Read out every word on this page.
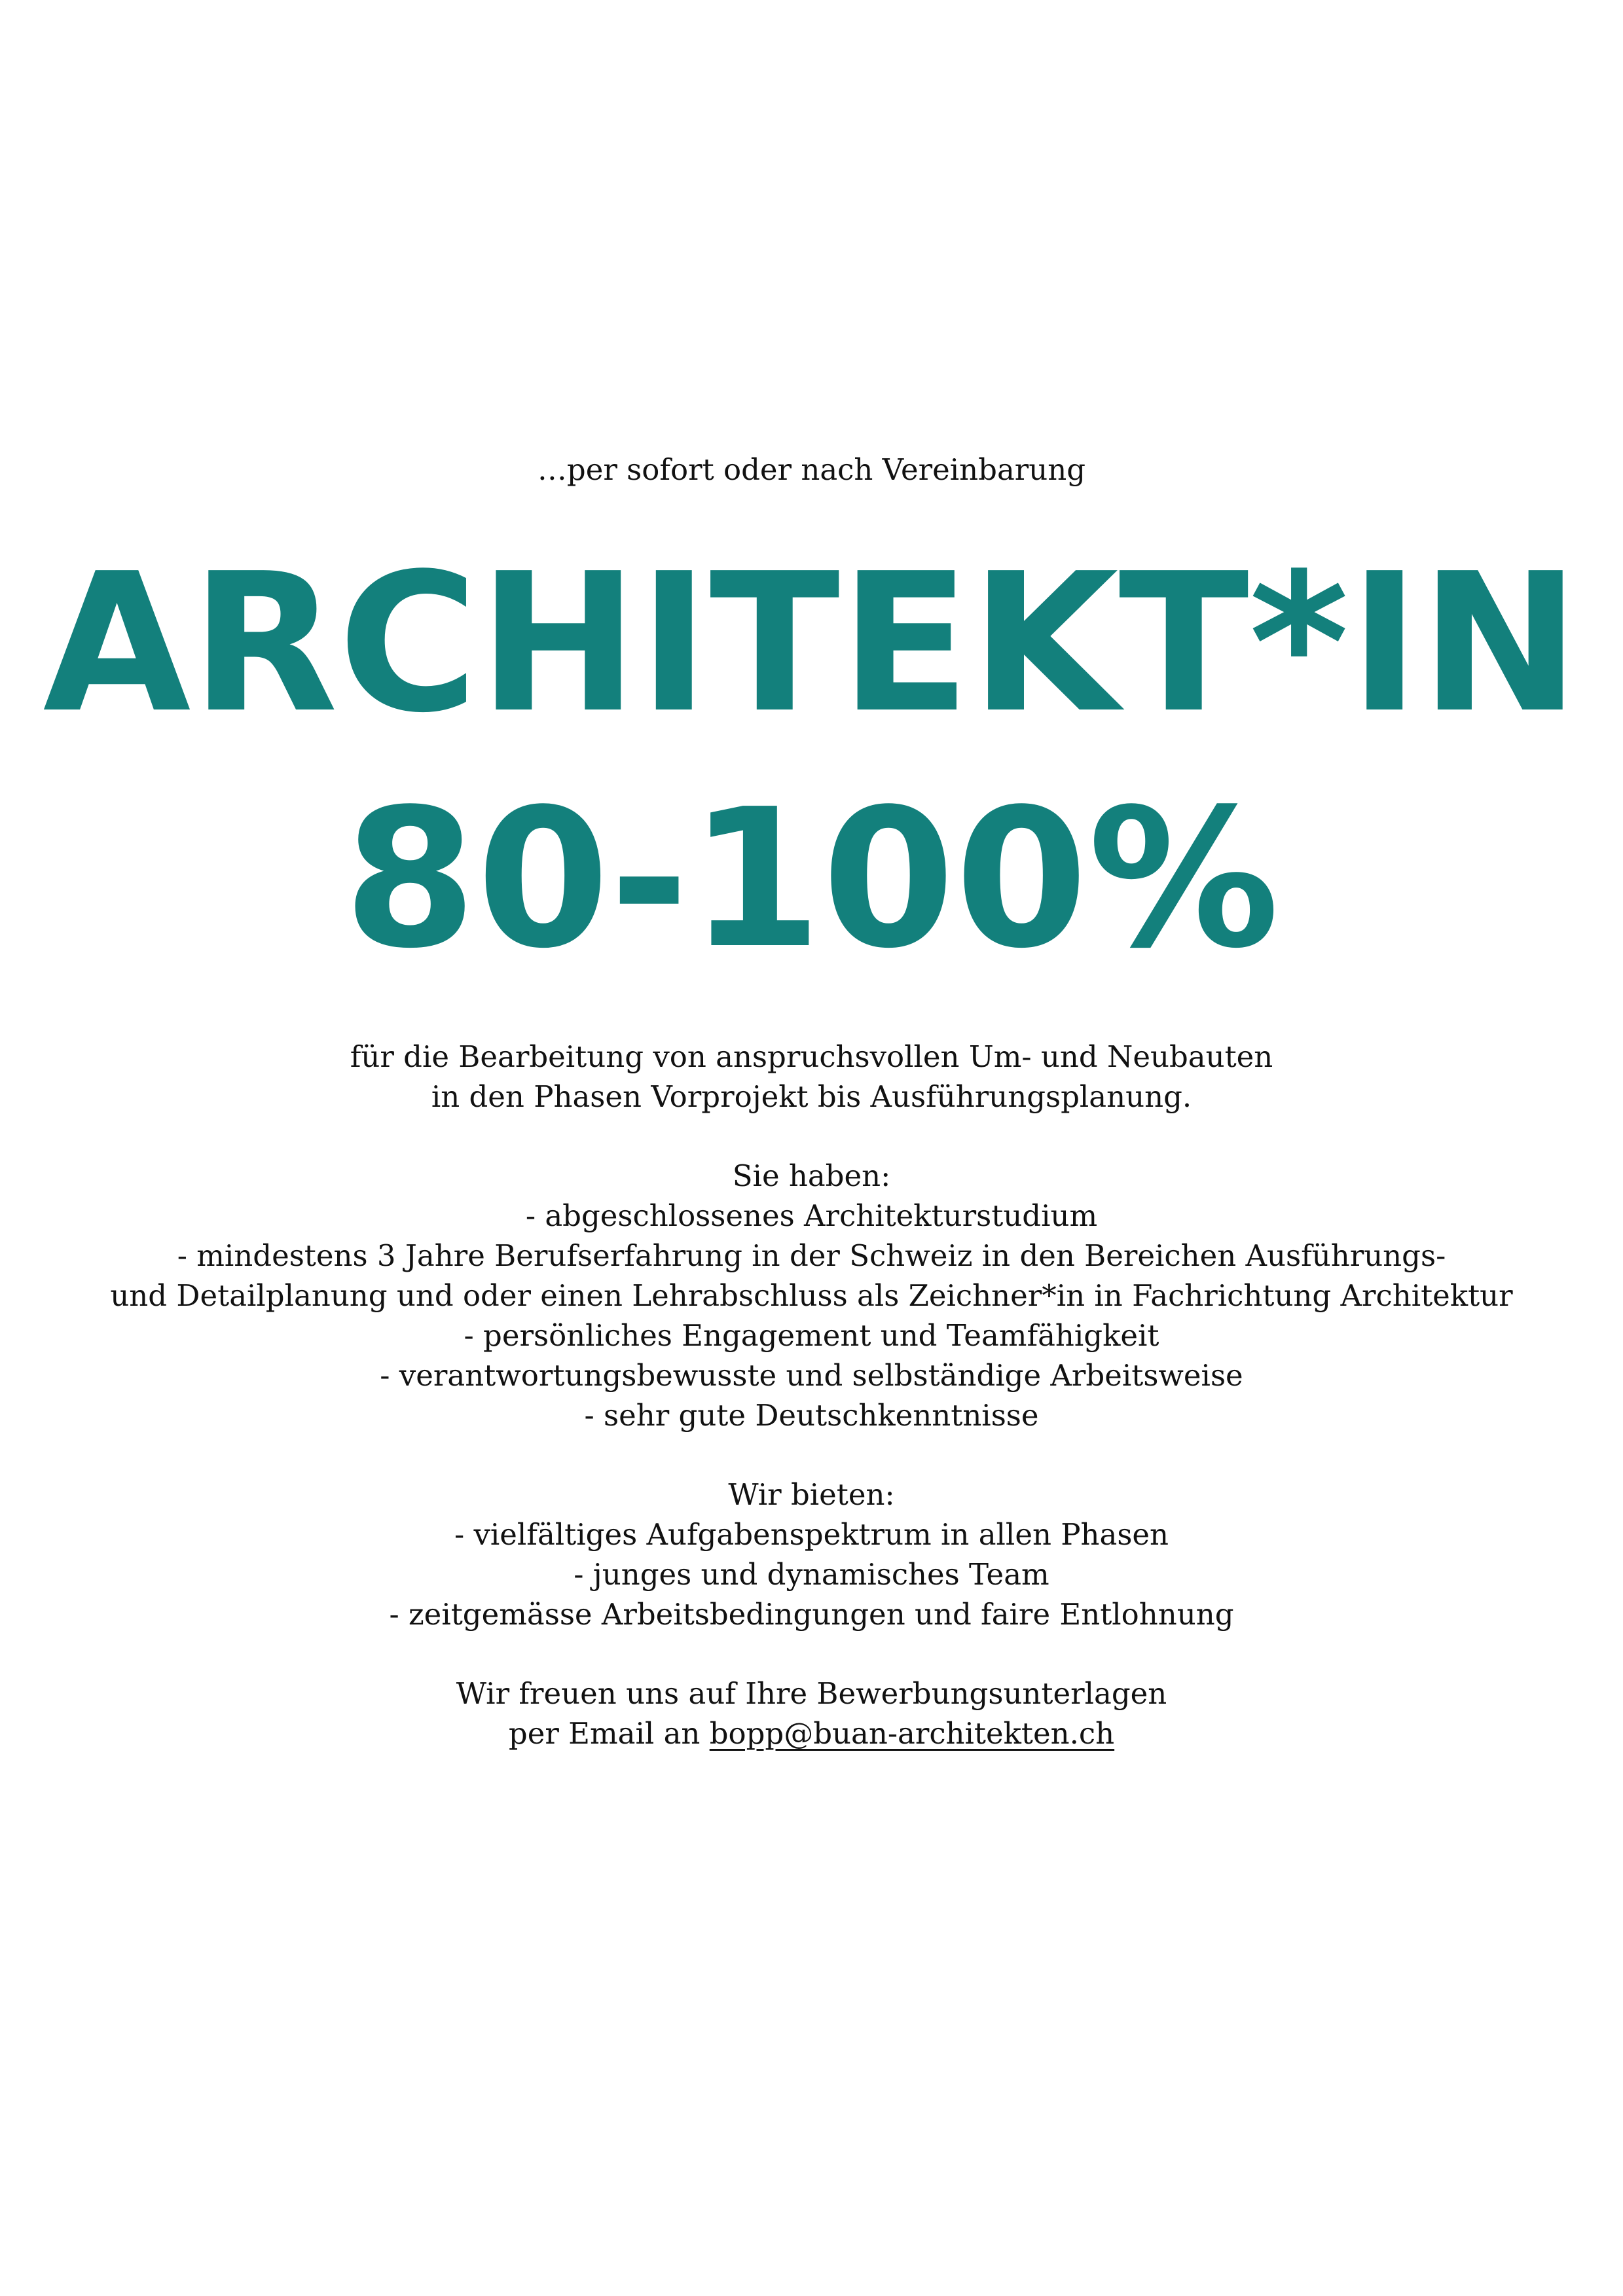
…per sofort oder nach Vereinbarung
ARCHITEKT*IN
80-100%
für die Bearbeitung von anspruchsvollen Um- und Neubauten
in den Phasen Vorprojekt bis Ausführungsplanung.
Sie haben:
- abgeschlossenes Architekturstudium
- mindestens 3 Jahre Berufserfahrung in der Schweiz in den Bereichen Ausführungs-
und Detailplanung und oder einen Lehrabschluss als Zeichner*in in Fachrichtung Architektur
- persönliches Engagement und Teamfähigkeit
- verantwortungsbewusste und selbständige Arbeitsweise
- sehr gute Deutschkenntnisse
Wir bieten:
- vielfältiges Aufgabenspektrum in allen Phasen
- junges und dynamisches Team
- zeitgemässe Arbeitsbedingungen und faire Entlohnung
Wir freuen uns auf Ihre Bewerbungsunterlagen
per Email an bopp@buan-architekten.ch
